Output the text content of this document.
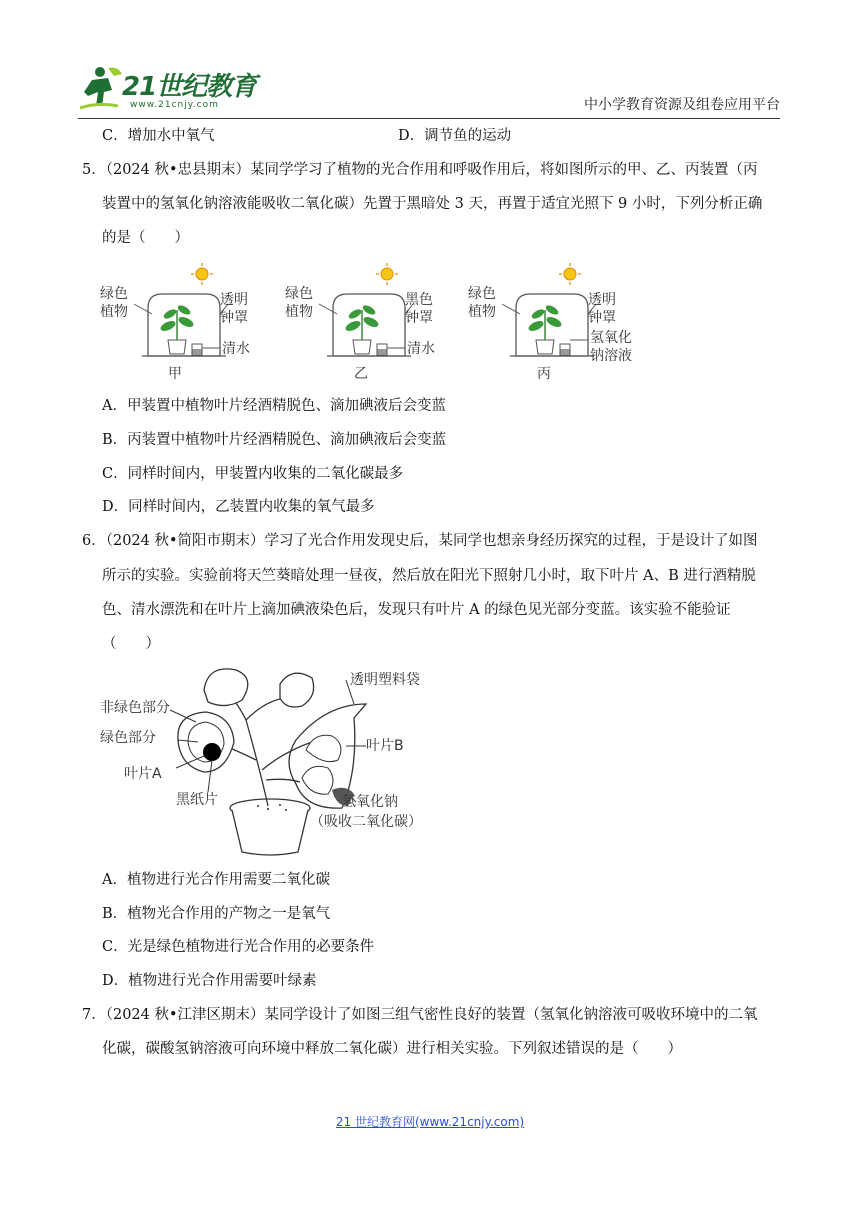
21世纪教育
www.21cnjy.com	中小学教育资源及组卷应用平台
C．增加水中氧气	D．调节鱼的运动
5．（2024 秋•忠县期末）某同学学习了植物的光合作用和呼吸作用后，将如图所示的甲、乙、丙装置（丙
装置中的氢氧化钠溶液能吸收二氧化碳）先置于黑暗处 3 天，再置于适宜光照下 9 小时，下列分析正确
的是（　　）
绿色
植物
透明
钟罩
清水
甲
绿色
植物
黑色
钟罩
清水
乙
绿色
植物
透明
钟罩
氢氧化
钠溶液
丙
A．甲装置中植物叶片经酒精脱色、滴加碘液后会变蓝
B．丙装置中植物叶片经酒精脱色、滴加碘液后会变蓝
C．同样时间内，甲装置内收集的二氧化碳最多
D．同样时间内，乙装置内收集的氧气最多
6．（2024 秋•简阳市期末）学习了光合作用发现史后，某同学也想亲身经历探究的过程，于是设计了如图
所示的实验。实验前将天竺葵暗处理一昼夜，然后放在阳光下照射几小时，取下叶片 A、B 进行酒精脱
色、清水漂洗和在叶片上滴加碘液染色后，发现只有叶片 A 的绿色见光部分变蓝。该实验不能验证
（　　）
非绿色部分
绿色部分
叶片A
黑纸片
透明塑料袋
叶片B
氢氧化钠
（吸收二氧化碳）
A．植物进行光合作用需要二氧化碳
B．植物光合作用的产物之一是氧气
C．光是绿色植物进行光合作用的必要条件
D．植物进行光合作用需要叶绿素
7．（2024 秋•江津区期末）某同学设计了如图三组气密性良好的装置（氢氧化钠溶液可吸收环境中的二氧
化碳，碳酸氢钠溶液可向环境中释放二氧化碳）进行相关实验。下列叙述错误的是（　　）
21 世纪教育网(www.21cnjy.com)
